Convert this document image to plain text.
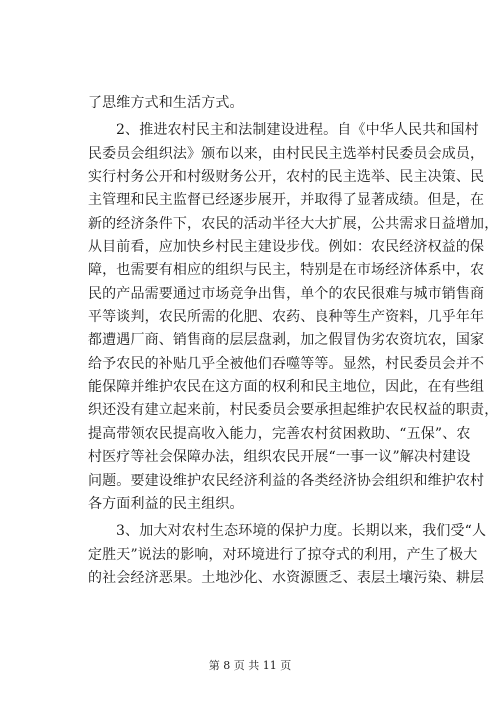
了思维方式和生活方式。
2、推进农村民主和法制建设进程。自《中华人民共和国村
民委员会组织法》颁布以来，由村民民主选举村民委员会成员，
实行村务公开和村级财务公开，农村的民主选举、民主决策、民
主管理和民主监督已经逐步展开，并取得了显著成绩。但是，在
新的经济条件下，农民的活动半径大大扩展，公共需求日益增加，
从目前看，应加快乡村民主建设步伐。例如：农民经济权益的保
障，也需要有相应的组织与民主，特别是在市场经济体系中，农
民的产品需要通过市场竞争出售，单个的农民很难与城市销售商
平等谈判，农民所需的化肥、农药、良种等生产资料，几乎年年
都遭遇厂商、销售商的层层盘剥，加之假冒伪劣农资坑农，国家
给予农民的补贴几乎全被他们吞噬等等。显然，村民委员会并不
能保障并维护农民在这方面的权利和民主地位，因此，在有些组
织还没有建立起来前，村民委员会要承担起维护农民权益的职责，
提高带领农民提高收入能力，完善农村贫困救助、“五保”、农
村医疗等社会保障办法，组织农民开展“一事一议”解决村建设
问题。要建设维护农民经济利益的各类经济协会组织和维护农村
各方面利益的民主组织。
3、加大对农村生态环境的保护力度。长期以来，我们受“人
定胜天”说法的影响，对环境进行了掠夺式的利用，产生了极大
的社会经济恶果。土地沙化、水资源匮乏、表层土壤污染、耕层
第 8 页 共 11 页
